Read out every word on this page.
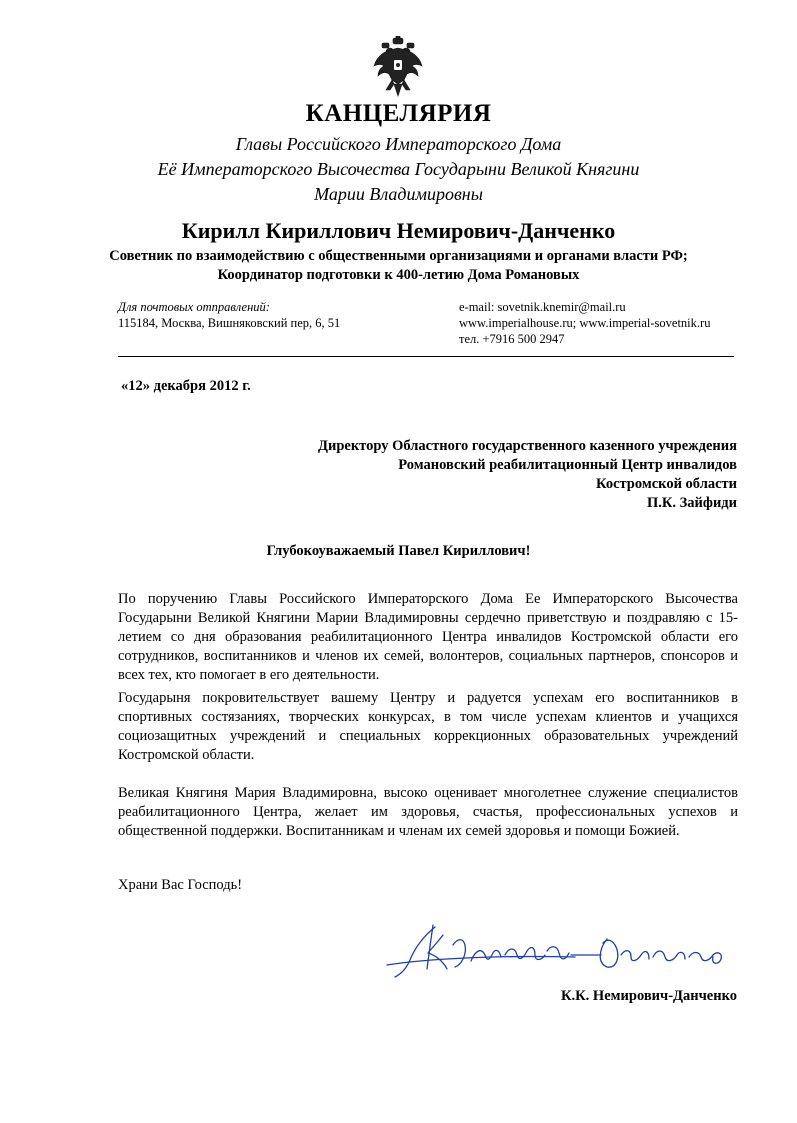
КАНЦЕЛЯРИЯ
Главы Российского Императорского Дома
Её Императорского Высочества Государыни Великой Княгини
Марии Владимировны
Кирилл Кириллович Немирович-Данченко
Советник по взаимодействию с общественными организациями и органами власти РФ;
Координатор подготовки к 400-летию Дома Романовых
Для почтовых отправлений:
115184, Москва, Вишняковский пер, 6, 51
e-mail: sovetnik.knemir@mail.ru
www.imperialhouse.ru; www.imperial-sovetnik.ru
тел. +7916 500 2947
«12» декабря 2012 г.
Директору Областного государственного казенного учреждения
Романовский реабилитационный Центр инвалидов
Костромской области
П.К. Зайфиди
Глубокоуважаемый Павел Кириллович!
По поручению Главы Российского Императорского Дома Ее Императорского Высочества Государыни Великой Княгини Марии Владимировны сердечно приветствую и поздравляю с 15-летием со дня образования реабилитационного Центра инвалидов Костромской области его сотрудников, воспитанников и членов их семей, волонтеров, социальных партнеров, спонсоров и всех тех, кто помогает в его деятельности.
Государыня покровительствует вашему Центру и радуется успехам его воспитанников в спортивных состязаниях, творческих конкурсах, в том числе успехам клиентов и учащихся социозащитных учреждений и специальных коррекционных образовательных учреждений Костромской области.
Великая Княгиня Мария Владимировна, высоко оценивает многолетнее служение специалистов реабилитационного Центра, желает им здоровья, счастья, профессиональных успехов и общественной поддержки. Воспитанникам и членам их семей здоровья и помощи Божией.
Храни Вас Господь!
К.К. Немирович-Данченко
